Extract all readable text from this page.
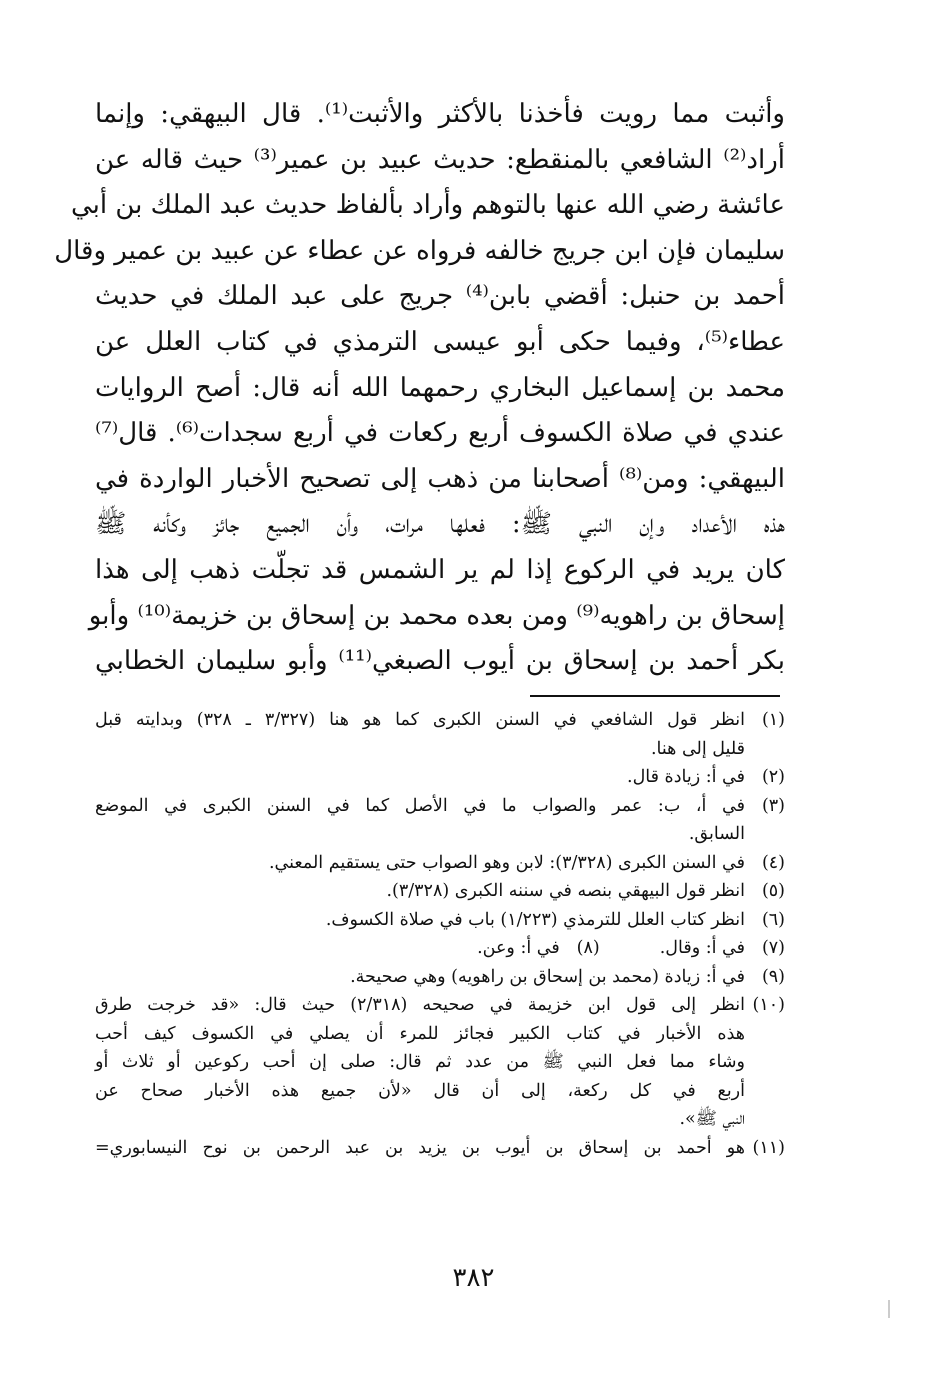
وأثبت مما رويت فأخذنا بالأكثر والأثبت⁽¹⁾. قال البيهقي: وإنما
أراد⁽²⁾ الشافعي بالمنقطع: حديث عبيد بن عمير⁽³⁾ حيث قاله عن
عائشة رضي الله عنها بالتوهم وأراد بألفاظ حديث عبد الملك بن أبي
سليمان فإن ابن جريج خالفه فرواه عن عطاء عن عبيد بن عمير وقال
أحمد بن حنبل: أقضي بابن⁽⁴⁾ جريج على عبد الملك في حديث
عطاء⁽⁵⁾، وفيما حكى أبو عيسى الترمذي في كتاب العلل عن
محمد بن إسماعيل البخاري رحمهما الله أنه قال: أصح الروايات
عندي في صلاة الكسوف أربع ركعات في أربع سجدات⁽⁶⁾. قال⁽⁷⁾
البيهقي: ومن⁽⁸⁾ أصحابنا من ذهب إلى تصحيح الأخبار الواردة في
هذه الأعداد وإن النبي ﷺ: فعلها مرات، وأن الجميع جائز وكأنه ﷺ
كان يريد في الركوع إذا لم ير الشمس قد تجلّت ذهب إلى هذا
إسحاق بن راهويه⁽⁹⁾ ومن بعده محمد بن إسحاق بن خزيمة⁽¹⁰⁾ وأبو
بكر أحمد بن إسحاق بن أيوب الصبغي⁽¹¹⁾ وأبو سليمان الخطابي
(١)
انظر قول الشافعي في السنن الكبرى كما هو هنا (٣/٣٢٧ ـ ٣٢٨) وبدايته قبل
قليل إلى هنا.
(٢)
في أ: زيادة قال.
(٣)
في أ، ب: عمر والصواب ما في الأصل كما في السنن الكبرى في الموضع
السابق.
(٤)
في السنن الكبرى (٣/٣٢٨): لابن وهو الصواب حتى يستقيم المعني.
(٥)
انظر قول البيهقي بنصه في سننه الكبرى (٣/٣٢٨).
(٦)
انظر كتاب العلل للترمذي (١/٢٢٣) باب في صلاة الكسوف.
(٧)
في أ: وقال.
(٨)
في أ: وعن.
(٩)
في أ: زيادة (محمد بن إسحاق بن راهويه) وهي صحيحة.
(١٠)
انظر إلى قول ابن خزيمة في صحيحه (٢/٣١٨) حيث قال: «قد خرجت طرق
هذه الأخبار في كتاب الكبير فجائز للمرء أن يصلي في الكسوف كيف أحب
وشاء مما فعل النبي ﷺ من عدد ثم قال: صلى إن أحب ركوعين أو ثلاث أو
أربع في كل ركعة، إلى أن قال «لأن جميع هذه الأخبار صحاح عن
النبي ﷺ».
(١١)
هو أحمد بن إسحاق بن أيوب بن يزيد بن عبد الرحمن بن نوح النيسابوري=
٣٨٢
